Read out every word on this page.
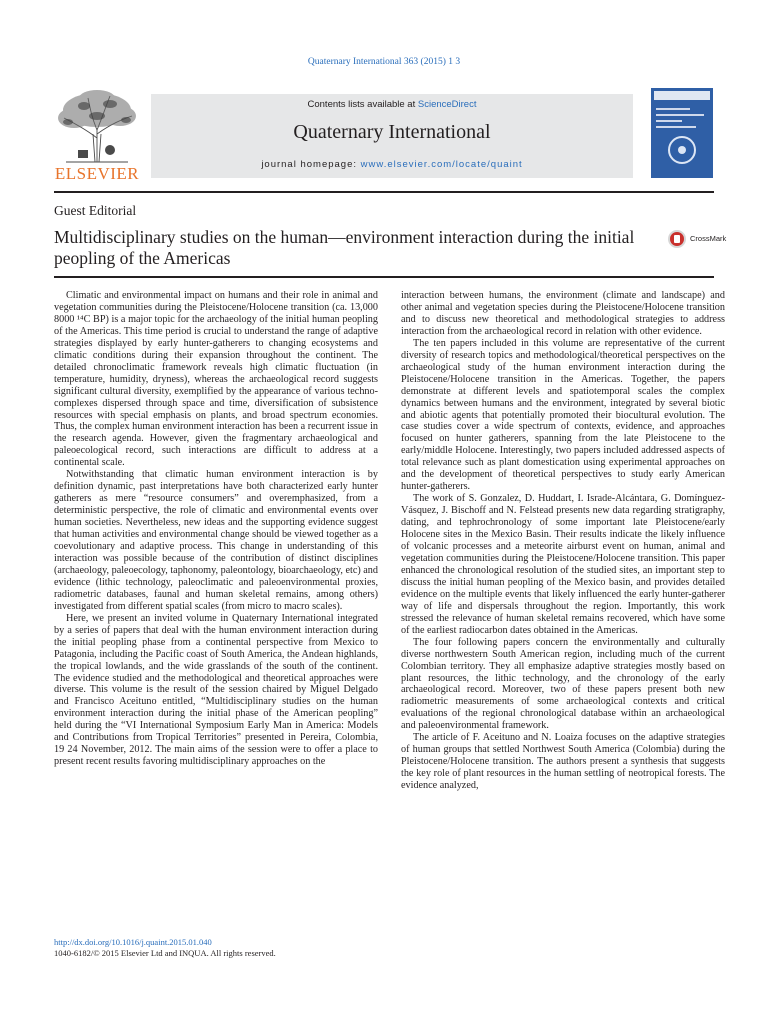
Quaternary International 363 (2015) 1 3
ELSEVIER
Contents lists available at ScienceDirect
Quaternary International
journal homepage: www.elsevier.com/locate/quaint
Guest Editorial
Multidisciplinary studies on the human—environment interaction during the initial peopling of the Americas
CrossMark

Climatic and environmental impact on humans and their role in animal and vegetation communities during the Pleistocene/Holocene transition (ca. 13,000 8000 ¹⁴C BP) is a major topic for the archaeology of the initial human peopling of the Americas. This time period is crucial to understand the range of adaptive strategies displayed by early hunter-gatherers to changing ecosystems and climatic conditions during their expansion throughout the continent. The detailed chronoclimatic framework reveals high climatic fluctuation (in temperature, humidity, dryness), whereas the archaeological record suggests significant cultural diversity, exemplified by the appearance of various techno-complexes dispersed through space and time, diversification of subsistence resources with special emphasis on plants, and broad spectrum economies. Thus, the complex human environment interaction has been a recurrent issue in the research agenda. However, given the fragmentary archaeological and paleoecological record, such interactions are difficult to address at a continental scale.

Notwithstanding that climatic human environment interaction is by definition dynamic, past interpretations have both characterized early hunter gatherers as mere “resource consumers” and overemphasized, from a deterministic perspective, the role of climatic and environmental events over human societies. Nevertheless, new ideas and the supporting evidence suggest that human activities and environmental change should be viewed together as a coevolutionary and adaptive process. This change in understanding of this interaction was possible because of the contribution of distinct disciplines (archaeology, paleoecology, taphonomy, paleontology, bioarchaeology, etc) and evidence (lithic technology, paleoclimatic and paleoenvironmental proxies, radiometric databases, faunal and human skeletal remains, among others) investigated from different spatial scales (from micro to macro scales).

Here, we present an invited volume in Quaternary International integrated by a series of papers that deal with the human environment interaction during the initial peopling phase from a continental perspective from Mexico to Patagonia, including the Pacific coast of South America, the Andean highlands, the tropical lowlands, and the wide grasslands of the south of the continent. The evidence studied and the methodological and theoretical approaches were diverse. This volume is the result of the session chaired by Miguel Delgado and Francisco Aceituno entitled, “Multidisciplinary studies on the human environment interaction during the initial phase of the American peopling” held during the “VI International Symposium Early Man in America: Models and Contributions from Tropical Territories” presented in Pereira, Colombia, 19 24 November, 2012. The main aims of the session were to offer a place to present recent results favoring multidisciplinary approaches on the

interaction between humans, the environment (climate and landscape) and other animal and vegetation species during the Pleistocene/Holocene transition and to discuss new theoretical and methodological strategies to address interaction from the archaeological record in relation with other evidence.

The ten papers included in this volume are representative of the current diversity of research topics and methodological/theoretical perspectives on the archaeological study of the human environment interaction during the Pleistocene/Holocene transition in the Americas. Together, the papers demonstrate at different levels and spatiotemporal scales the complex dynamics between humans and the environment, integrated by several biotic and abiotic agents that potentially promoted their biocultural evolution. The case studies cover a wide spectrum of contexts, evidence, and approaches focused on hunter gatherers, spanning from the late Pleistocene to the early/middle Holocene. Interestingly, two papers included addressed aspects of total relevance such as plant domestication using experimental approaches on and the development of theoretical perspectives to study early American hunter-gatherers.

The work of S. Gonzalez, D. Huddart, I. Israde-Alcántara, G. Domínguez-Vásquez, J. Bischoff and N. Felstead presents new data regarding stratigraphy, dating, and tephrochronology of some important late Pleistocene/early Holocene sites in the Mexico Basin. Their results indicate the likely influence of volcanic processes and a meteorite airburst event on human, animal and vegetation communities during the Pleistocene/Holocene transition. This paper enhanced the chronological resolution of the studied sites, an important step to discuss the initial human peopling of the Mexico basin, and provides detailed evidence on the multiple events that likely influenced the early hunter-gatherer way of life and dispersals throughout the region. Importantly, this work stressed the relevance of human skeletal remains recovered, which have some of the earliest radiocarbon dates obtained in the Americas.

The four following papers concern the environmentally and culturally diverse northwestern South American region, including much of the current Colombian territory. They all emphasize adaptive strategies mostly based on plant resources, the lithic technology, and the chronology of the early archaeological record. Moreover, two of these papers present both new radiometric measurements of some archaeological contexts and critical evaluations of the regional chronological database within an archaeological and paleoenvironmental framework.

The article of F. Aceituno and N. Loaiza focuses on the adaptive strategies of human groups that settled Northwest South America (Colombia) during the Pleistocene/Holocene transition. The authors present a synthesis that suggests the key role of plant resources in the human settling of neotropical forests. The evidence analyzed,

http://dx.doi.org/10.1016/j.quaint.2015.01.040
1040-6182/© 2015 Elsevier Ltd and INQUA. All rights reserved.
